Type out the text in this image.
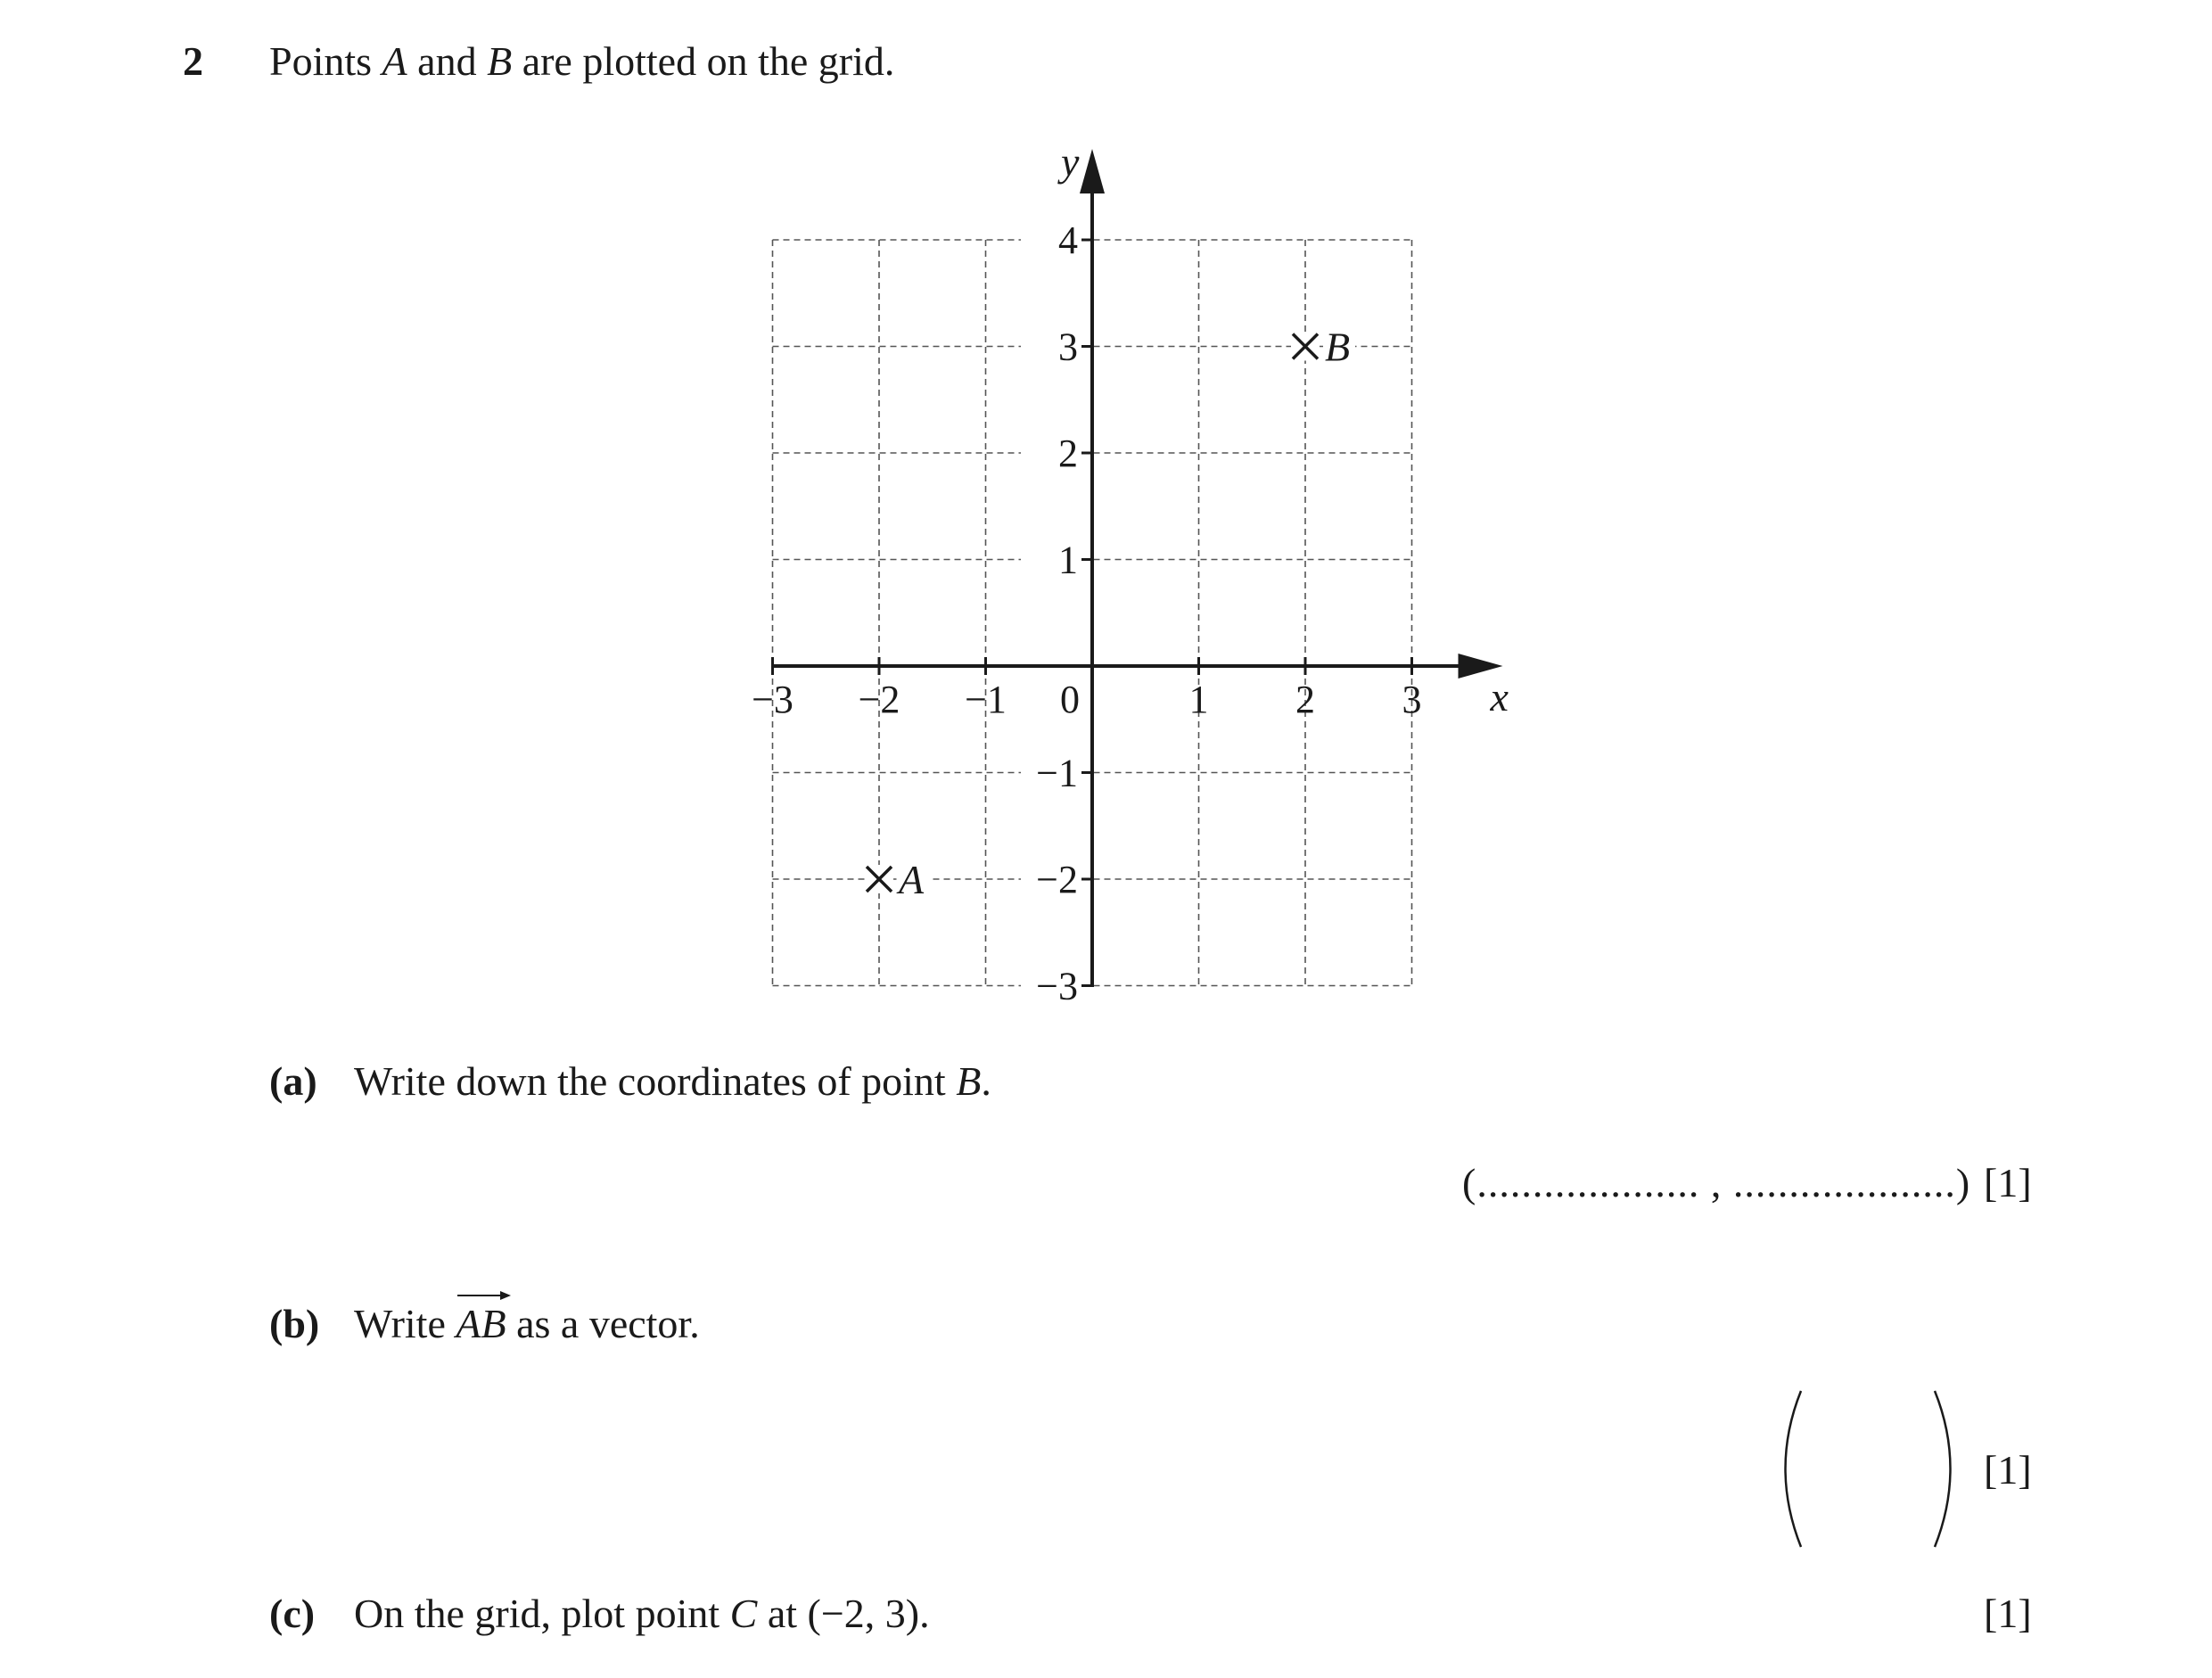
2 Points A and B are plotted on the grid.
x
y
−3 −2 −1 0	1 2 3
−3
−2
−1
1
2
3
4
A
B
(a) Write down the coordinates of point B.
(.................... , ....................) [1]
(b) Write
AB as a vector.
[1]
(c) On the grid, plot point C at (−2, 3).	[1]
